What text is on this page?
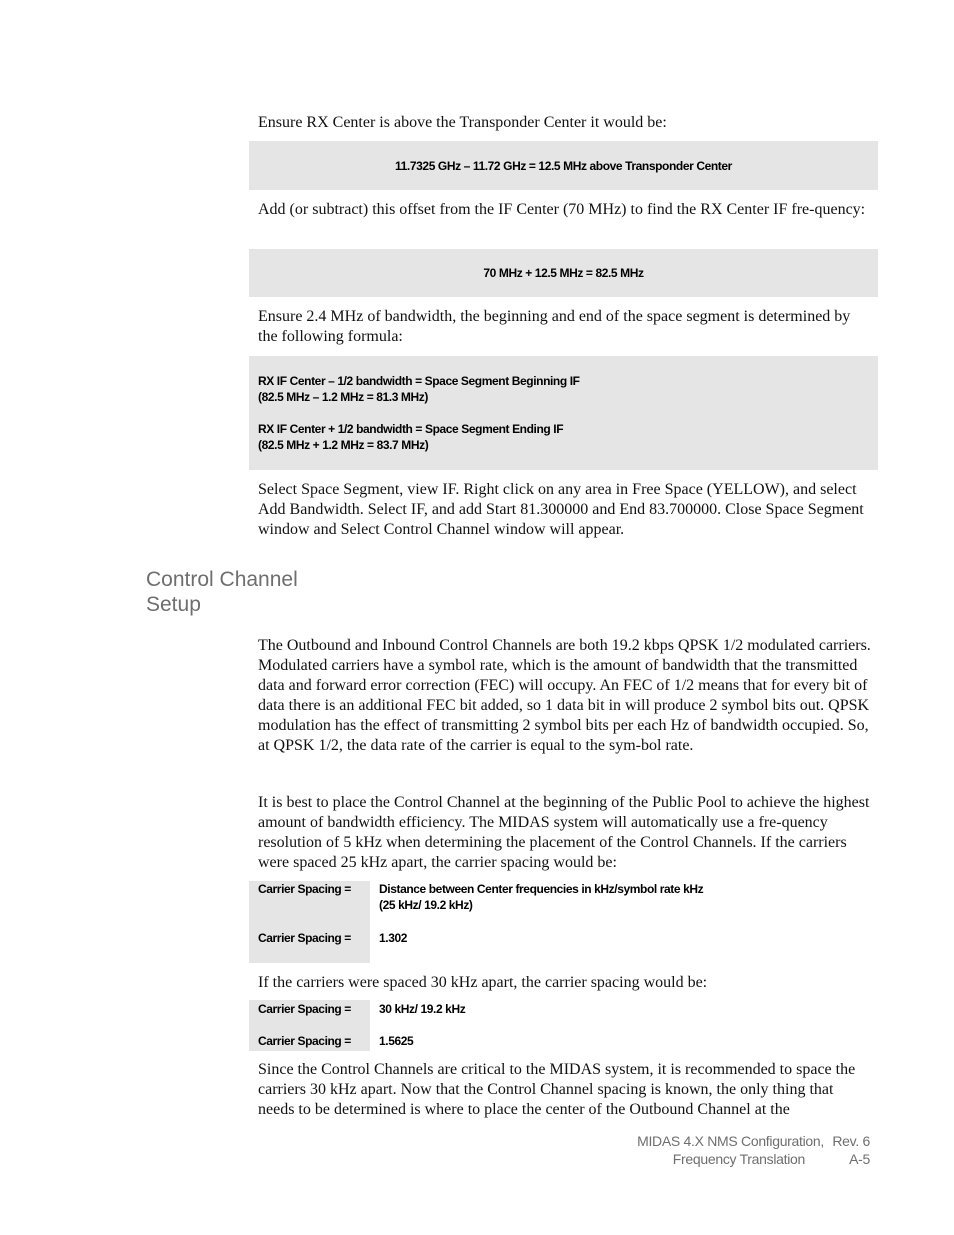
Ensure RX Center is above the Transponder Center it would be:

11.7325 GHz – 11.72 GHz = 12.5 MHz above Transponder Center

Add (or subtract) this offset from the IF Center (70 MHz) to find the RX Center IF fre-quency:

70 MHz + 12.5 MHz = 82.5 MHz

Ensure 2.4 MHz of bandwidth, the beginning and end of the space segment is determined by the following formula:

RX IF Center – 1/2 bandwidth = Space Segment Beginning IF
(82.5 MHz – 1.2 MHz = 81.3 MHz)
RX IF Center + 1/2 bandwidth = Space Segment Ending IF
(82.5 MHz + 1.2 MHz = 83.7 MHz)

Select Space Segment, view IF. Right click on any area in Free Space (YELLOW), and select Add Bandwidth. Select IF, and add Start 81.300000 and End 83.700000. Close Space Segment window and Select Control Channel window will appear.

Control Channel
Setup

The Outbound and Inbound Control Channels are both 19.2 kbps QPSK 1/2 modulated carriers. Modulated carriers have a symbol rate, which is the amount of bandwidth that the transmitted data and forward error correction (FEC) will occupy. An FEC of 1/2 means that for every bit of data there is an additional FEC bit added, so 1 data bit in will produce 2 symbol bits out. QPSK modulation has the effect of transmitting 2 symbol bits per each Hz of bandwidth occupied. So, at QPSK 1/2, the data rate of the carrier is equal to the sym-bol rate.

It is best to place the Control Channel at the beginning of the Public Pool to achieve the highest amount of bandwidth efficiency. The MIDAS system will automatically use a fre-quency resolution of 5 kHz when determining the placement of the Control Channels. If the carriers were spaced 25 kHz apart, the carrier spacing would be:

Carrier Spacing = Distance between Center frequencies in kHz/symbol rate kHz
(25 kHz/ 19.2 kHz)
Carrier Spacing = 1.302

If the carriers were spaced 30 kHz apart, the carrier spacing would be:

Carrier Spacing = 30 kHz/ 19.2 kHz
Carrier Spacing = 1.5625

Since the Control Channels are critical to the MIDAS system, it is recommended to space the carriers 30 kHz apart. Now that the Control Channel spacing is known, the only thing that needs to be determined is where to place the center of the Outbound Channel at the

MIDAS 4.X NMS Configuration, Rev. 6
Frequency Translation	A-5
